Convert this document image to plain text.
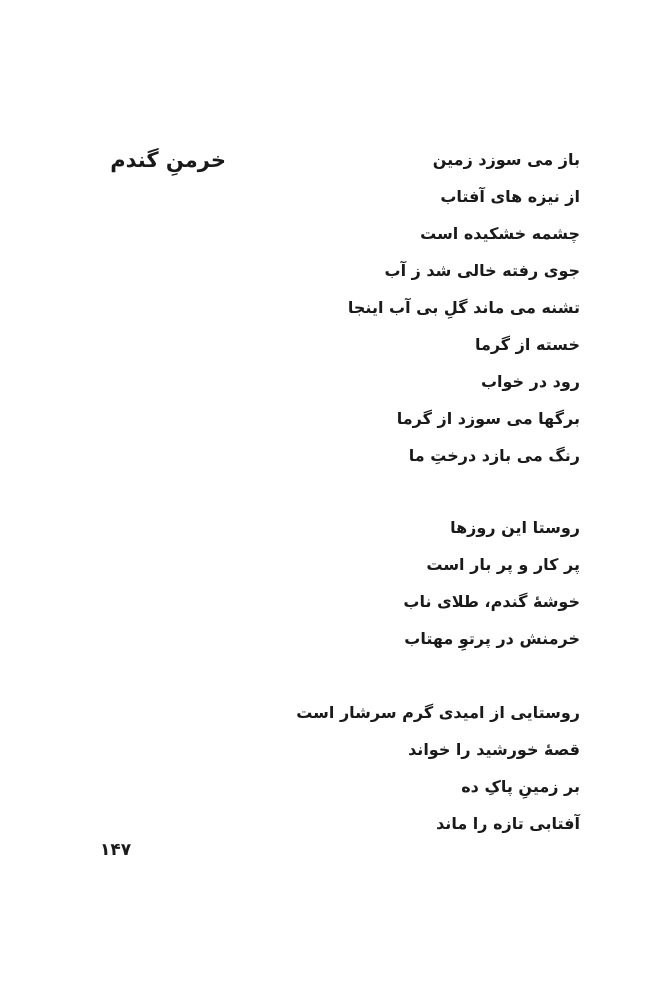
خرمنِ گندم	باز می سوزد زمین
از نیزه های آفتاب
چشمه خشکیده است
جوی رفته خالی شد ز آب
تشنه می ماند گلِ بی آب اینجا
خسته از گرما
رود در خواب
برگها می سوزد از گرما
رنگ می بازد درختِ ما
روستا این روزها
پر کار و پر بار است
خوشهٔ گندم، طلای ناب
خرمنش در پرتوِ مهتاب
روستایی از امیدی گرم سرشار است
قصهٔ خورشید را خواند
بر زمینِ پاکِ ده
آفتابی تازه را ماند
۱۴۷
